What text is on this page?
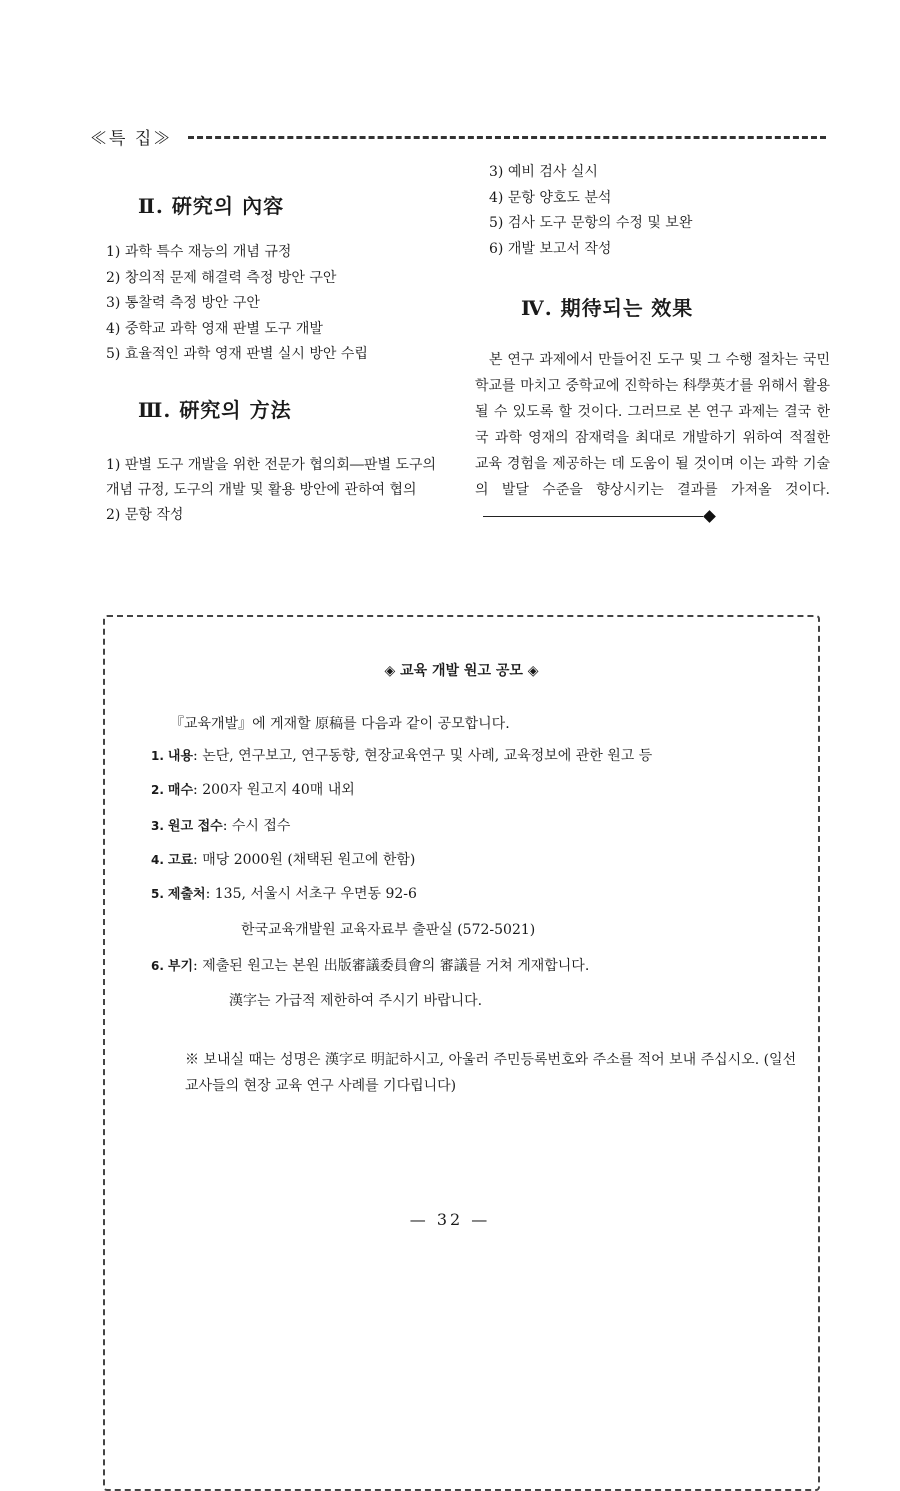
≪특 집≫
Ⅱ. 硏究의 內容
1) 과학 특수 재능의 개념 규정
2) 창의적 문제 해결력 측정 방안 구안
3) 통찰력 측정 방안 구안
4) 중학교 과학 영재 판별 도구 개발
5) 효율적인 과학 영재 판별 실시 방안 수립
Ⅲ. 硏究의 方法
1) 판별 도구 개발을 위한 전문가 협의회―판별 도구의 개념 규정, 도구의 개발 및 활용 방안에 관하여 협의
2) 문항 작성
3) 예비 검사 실시
4) 문항 양호도 분석
5) 검사 도구 문항의 수정 및 보완
6) 개발 보고서 작성
Ⅳ. 期待되는 效果

본 연구 과제에서 만들어진 도구 및 그 수행 절차는 국민 학교를 마치고 중학교에 진학하는 科學英才를 위해서 활용될 수 있도록 할 것이다. 그러므로 본 연구 과제는 결국 한국 과학 영재의 잠재력을 최대로 개발하기 위하여 적절한 교육 경험을 제공하는 데 도움이 될 것이며 이는 과학 기술의 발달 수준을 향상시키는 결과를 가져올 것이다.

◈ 교육 개발 원고 공모 ◈
『교육개발』에 게재할 原稿를 다음과 같이 공모합니다.
1. 내용: 논단, 연구보고, 연구동향, 현장교육연구 및 사례, 교육정보에 관한 원고 등
2. 매수: 200자 원고지 40매 내외
3. 원고 접수: 수시 접수
4. 고료: 매당 2000원 (채택된 원고에 한함)
5. 제출처: 135, 서울시 서초구 우면동 92-6
한국교육개발원 교육자료부 출판실 (572-5021)
6. 부기: 제출된 원고는 본원 出版審議委員會의 審議를 거쳐 게재합니다.
漢字는 가급적 제한하여 주시기 바랍니다.
※ 보내실 때는 성명은 漢字로 明記하시고, 아울러 주민등록번호와 주소를 적어 보내 주십시오. (일선 교사들의 현장 교육 연구 사례를 기다립니다)
— 32 —
